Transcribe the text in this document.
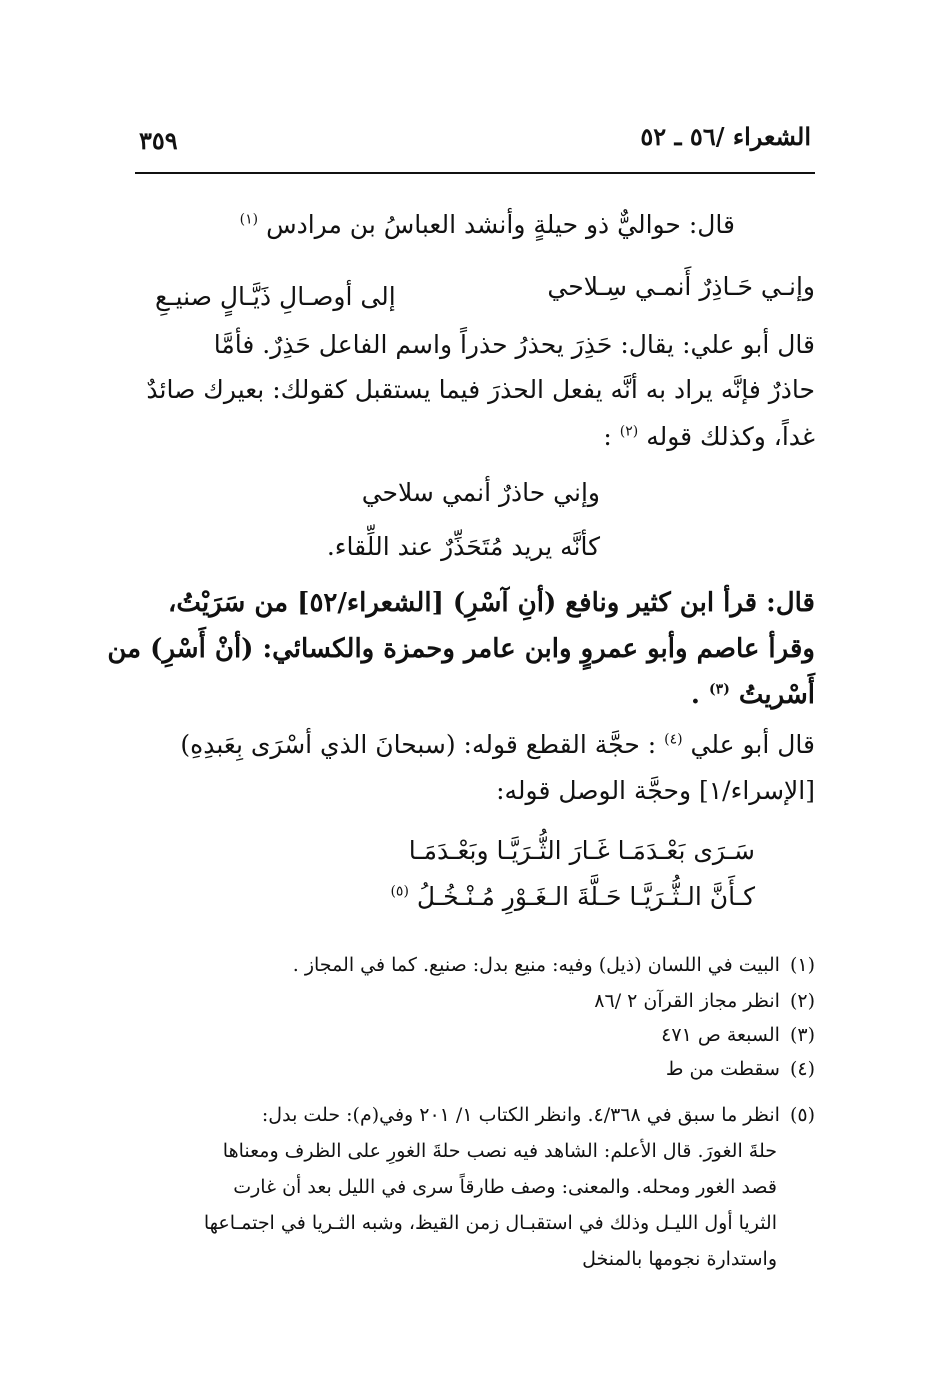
الشعراء /٥٦ ـ ٥٢
٣٥٩
قال: حواليٌّ ذو حيلةٍ وأنشد العباسُ بن مرادس $^{(١)}$
وإنـي حَـاذِرٌ أَنمـي سِـلاحي
إلى أوصـالِ ذَيَّـالٍ صنيـعِ
قال أبو علي: يقال: حَذِرَ يحذرُ حذراً واسم الفاعل حَذِرٌ. فأمَّا
حاذرٌ فإنَّه يراد به أنَّه يفعل الحذرَ فيما يستقبل كقولك: بعيرك صائدٌ
غداً، وكذلك قوله $^{(٢)}$ :
وإني حاذرٌ أنمي سلاحي
كأنَّه يريد مُتَحَذِّرٌ عند اللِّقاء.
قال: قرأ ابن كثير ونافع (أنِ آسْرِ) [الشعراء/٥٢] من سَرَيْتُ،
وقرأ عاصم وأبو عمروٍ وابن عامر وحمزة والكسائي: (أنْ أَسْرِ) من
أَسْريتُ $^{(٣)}$ .
قال أبو علي $^{(٤)}$ : حجَّة القطع قوله: (سبحانَ الذي أسْرَى بِعَبدِهِ)
[الإسراء/١] وحجَّة الوصل قوله:
سَـرَى بَعْـدَمَـا غَـارَ الثُّـرَيَّـا وبَعْـدَمَـا
كـأَنَّ الـثُّـرَيَّـا حَـلَّةَ الـغَـوْرِ مُـنْـخُـلُ $^{(٥)}$
(١)البيت في اللسان (ذيل) وفيه: منيع بدل: صنيع. كما في المجاز .
(٢)انظر مجاز القرآن ٢ /٨٦
(٣)السبعة ص ٤٧١
(٤)سقطت من ط
(٥)انظر ما سبق في ٤/٣٦٨. وانظر الكتاب ١/ ٢٠١ وفي(م): حلت بدل:
حلةَ الغورَ. قال الأعلم: الشاهد فيه نصب حلةَ الغورِ على الظرف ومعناها
قصد الغور ومحله. والمعنى: وصف طارقاً سرى في الليل بعد أن غارت
الثريا أول الليـل وذلك في استقبـال زمن القيظ، وشبه الثـريا في اجتمـاعها
واستدارة نجومها بالمنخل
